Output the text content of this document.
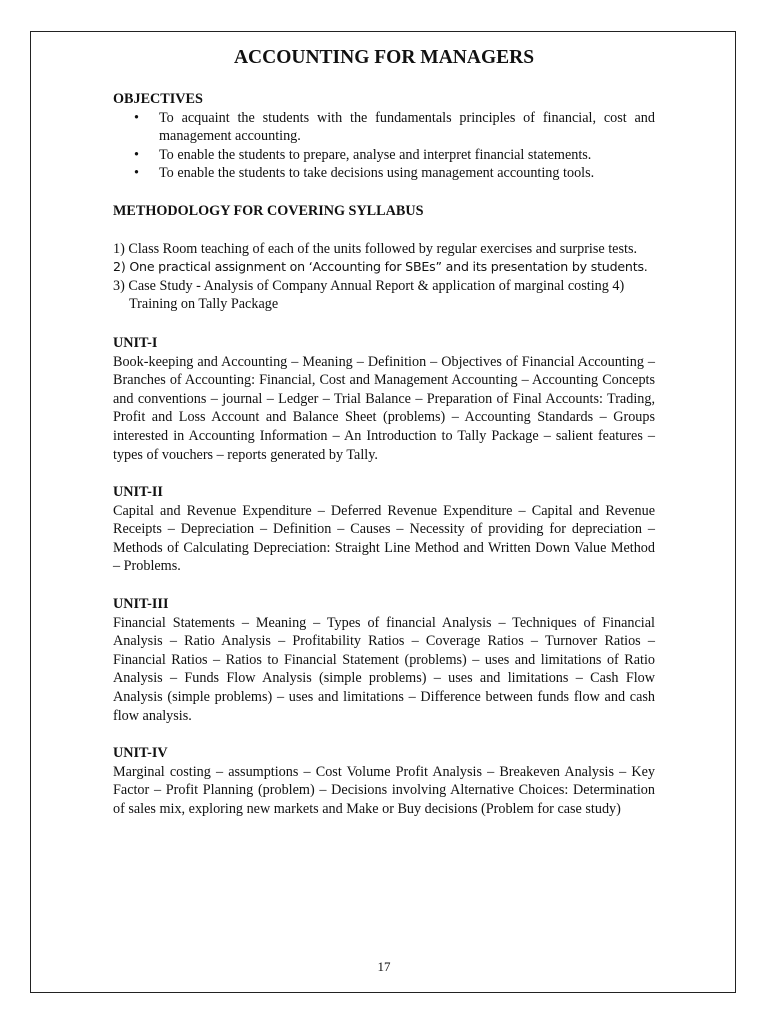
ACCOUNTING FOR MANAGERS
OBJECTIVES
• To acquaint the students with the fundamentals principles of financial, cost and management accounting.
• To enable the students to prepare, analyse and interpret financial statements.
• To enable the students to take decisions using management accounting tools.
METHODOLOGY FOR COVERING SYLLABUS
1) Class Room teaching of each of the units followed by regular exercises and surprise tests.
2) One practical assignment on ‘Accounting for SBEs” and its presentation by students.
3) Case Study - Analysis of Company Annual Report & application of marginal costing 4) Training on Tally Package
UNIT-I

Book-keeping and Accounting – Meaning – Definition – Objectives of Financial Accounting – Branches of Accounting: Financial, Cost and Management Accounting – Accounting Concepts and conventions – journal – Ledger – Trial Balance – Preparation of Final Accounts: Trading, Profit and Loss Account and Balance Sheet (problems) – Accounting Standards – Groups interested in Accounting Information – An Introduction to Tally Package – salient features – types of vouchers – reports generated by Tally.

UNIT-II

Capital and Revenue Expenditure – Deferred Revenue Expenditure – Capital and Revenue Receipts – Depreciation – Definition – Causes – Necessity of providing for depreciation – Methods of Calculating Depreciation: Straight Line Method and Written Down Value Method – Problems.

UNIT-III

Financial Statements – Meaning – Types of financial Analysis – Techniques of Financial Analysis – Ratio Analysis – Profitability Ratios – Coverage Ratios – Turnover Ratios – Financial Ratios – Ratios to Financial Statement (problems) – uses and limitations of Ratio Analysis – Funds Flow Analysis (simple problems) – uses and limitations – Cash Flow Analysis (simple problems) – uses and limitations – Difference between funds flow and cash flow analysis.

UNIT-IV

Marginal costing – assumptions – Cost Volume Profit Analysis – Breakeven Analysis – Key Factor – Profit Planning (problem) – Decisions involving Alternative Choices: Determination of sales mix, exploring new markets and Make or Buy decisions (Problem for case study)

17
